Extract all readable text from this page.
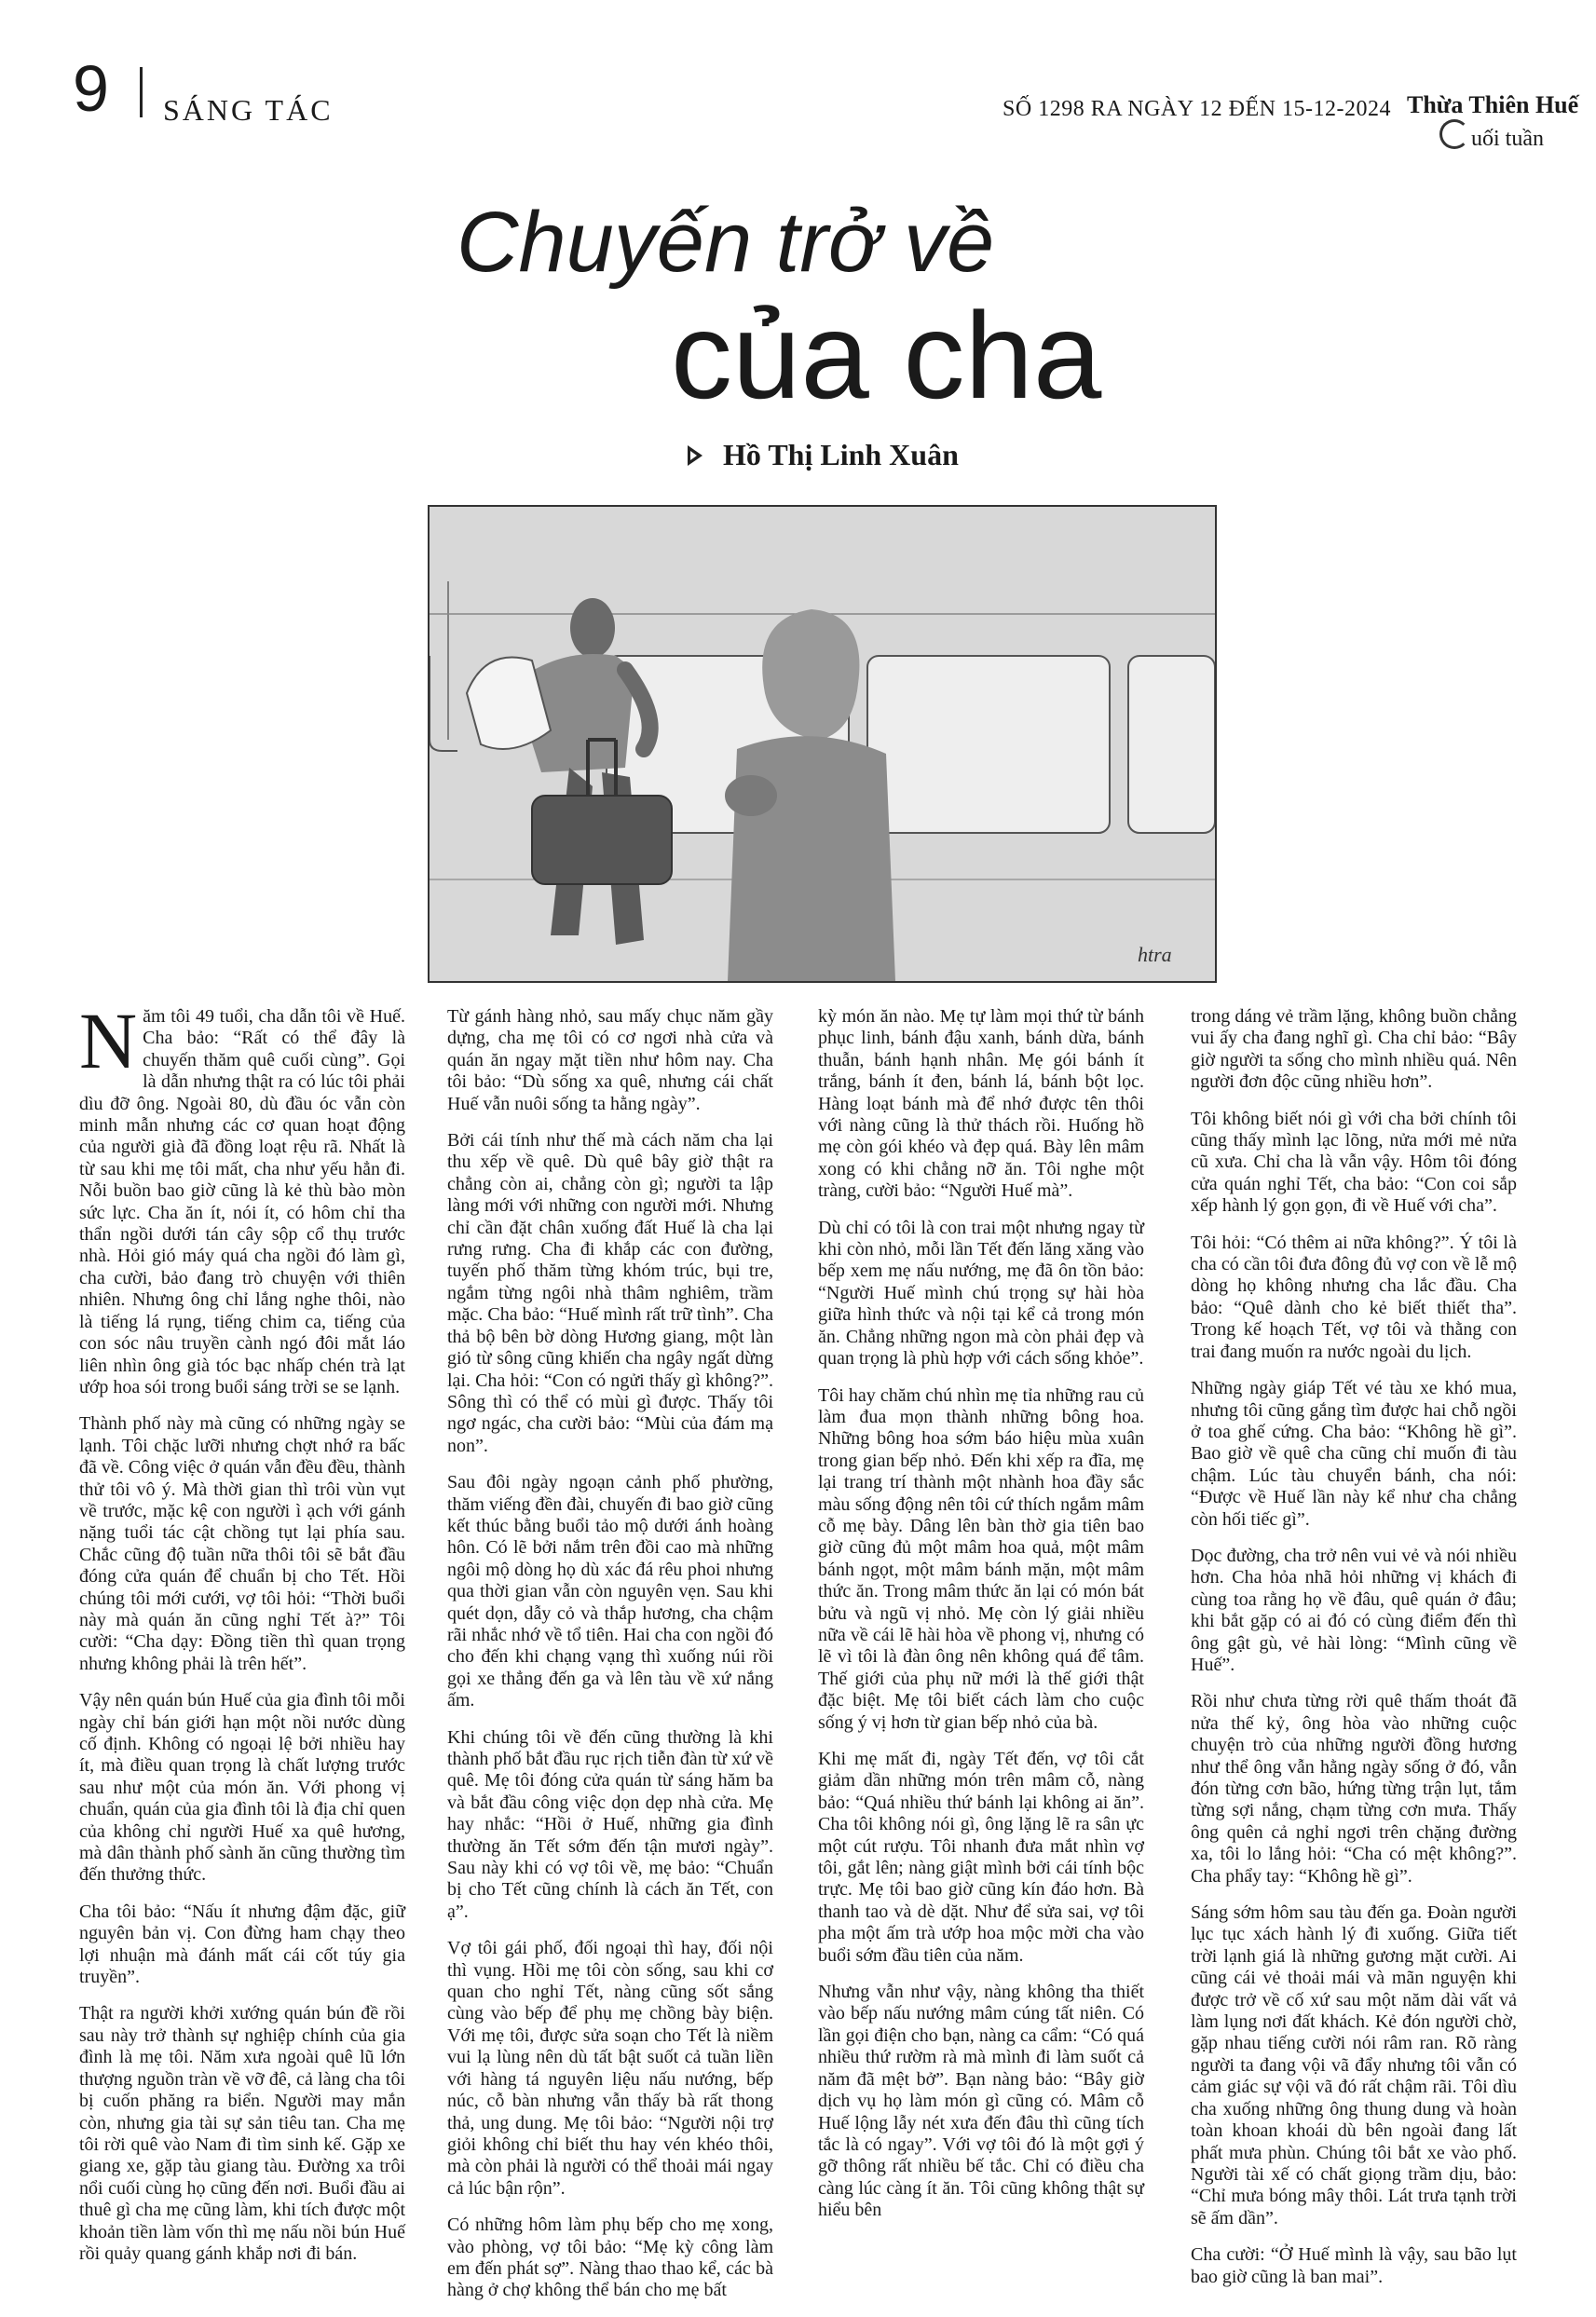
9 SÁNG TÁC	SỐ 1298 RA NGÀY 12 ĐẾN 15-12-2024 Thừa Thiên Huế
uối tuần
Chuyến trở về
của cha
Hồ Thị Linh Xuân
htra

Năm tôi 49 tuổi, cha dẫn tôi về Huế. Cha bảo: “Rất có thể đây là chuyến thăm quê cuối cùng”. Gọi là dẫn nhưng thật ra có lúc tôi phải dìu đỡ ông. Ngoài 80, dù đầu óc vẫn còn minh mẫn nhưng các cơ quan hoạt động của người già đã đồng loạt rệu rã. Nhất là từ sau khi mẹ tôi mất, cha như yếu hẳn đi. Nỗi buồn bao giờ cũng là kẻ thù bào mòn sức lực. Cha ăn ít, nói ít, có hôm chỉ tha thẩn ngồi dưới tán cây sộp cổ thụ trước nhà. Hỏi gió máy quá cha ngồi đó làm gì, cha cười, bảo đang trò chuyện với thiên nhiên. Nhưng ông chỉ lắng nghe thôi, nào là tiếng lá rụng, tiếng chim ca, tiếng của con sóc nâu truyền cành ngó đôi mắt láo liên nhìn ông già tóc bạc nhấp chén trà lạt ướp hoa sói trong buổi sáng trời se se lạnh.

Thành phố này mà cũng có những ngày se lạnh. Tôi chặc lưỡi nhưng chợt nhớ ra bấc đã về. Công việc ở quán vẫn đều đều, thành thử tôi vô ý. Mà thời gian thì trôi vùn vụt về trước, mặc kệ con người ì ạch với gánh nặng tuổi tác cật chồng tụt lại phía sau. Chắc cũng độ tuần nữa thôi tôi sẽ bắt đầu đóng cửa quán để chuẩn bị cho Tết. Hồi chúng tôi mới cưới, vợ tôi hỏi: “Thời buổi này mà quán ăn cũng nghỉ Tết à?” Tôi cười: “Cha dạy: Đồng tiền thì quan trọng nhưng không phải là trên hết”.

Vậy nên quán bún Huế của gia đình tôi mỗi ngày chỉ bán giới hạn một nồi nước dùng cố định. Không có ngoại lệ bởi nhiều hay ít, mà điều quan trọng là chất lượng trước sau như một của món ăn. Với phong vị chuẩn, quán của gia đình tôi là địa chỉ quen của không chỉ người Huế xa quê hương, mà dân thành phố sành ăn cũng thường tìm đến thưởng thức.

Cha tôi bảo: “Nấu ít nhưng đậm đặc, giữ nguyên bản vị. Con đừng ham chạy theo lợi nhuận mà đánh mất cái cốt túy gia truyền”.

Thật ra người khởi xướng quán bún đề rồi sau này trở thành sự nghiệp chính của gia đình là mẹ tôi. Năm xưa ngoài quê lũ lớn thượng nguồn tràn về vỡ đê, cả làng cha tôi bị cuốn phăng ra biển. Người may mắn còn, nhưng gia tài sự sản tiêu tan. Cha mẹ tôi rời quê vào Nam đi tìm sinh kế. Gặp xe giang xe, gặp tàu giang tàu. Đường xa trôi nổi cuối cùng họ cũng đến nơi. Buổi đầu ai thuê gì cha mẹ cũng làm, khi tích được một khoản tiền làm vốn thì mẹ nấu nồi bún Huế rồi quảy quang gánh khắp nơi đi bán.

Từ gánh hàng nhỏ, sau mấy chục năm gầy dựng, cha mẹ tôi có cơ ngơi nhà cửa và quán ăn ngay mặt tiền như hôm nay. Cha tôi bảo: “Dù sống xa quê, nhưng cái chất Huế vẫn nuôi sống ta hằng ngày”.

Bởi cái tính như thế mà cách năm cha lại thu xếp về quê. Dù quê bây giờ thật ra chẳng còn ai, chẳng còn gì; người ta lập làng mới với những con người mới. Nhưng chỉ cần đặt chân xuống đất Huế là cha lại rưng rưng. Cha đi khắp các con đường, tuyến phố thăm từng khóm trúc, bụi tre, ngắm từng ngôi nhà thâm nghiêm, trầm mặc. Cha bảo: “Huế mình rất trữ tình”. Cha thả bộ bên bờ dòng Hương giang, một làn gió từ sông cũng khiến cha ngây ngất dừng lại. Cha hỏi: “Con có ngửi thấy gì không?”. Sông thì có thể có mùi gì được. Thấy tôi ngơ ngác, cha cười bảo: “Mùi của đám mạ non”.

Sau đôi ngày ngoạn cảnh phố phường, thăm viếng đền đài, chuyến đi bao giờ cũng kết thúc bằng buổi tảo mộ dưới ánh hoàng hôn. Có lẽ bởi nắm trên đồi cao mà những ngôi mộ dòng họ dù xác đá rêu phoi nhưng qua thời gian vẫn còn nguyên vẹn. Sau khi quét dọn, dẫy cỏ và thắp hương, cha chậm rãi nhắc nhớ về tổ tiên. Hai cha con ngồi đó cho đến khi chạng vạng thì xuống núi rồi gọi xe thẳng đến ga và lên tàu về xứ nắng ấm.

Khi chúng tôi về đến cũng thường là khi thành phố bắt đầu rục rịch tiễn đàn từ xứ về quê. Mẹ tôi đóng cửa quán từ sáng hăm ba và bắt đầu công việc dọn dẹp nhà cửa. Mẹ hay nhắc: “Hồi ở Huế, những gia đình thường ăn Tết sớm đến tận mươi ngày”. Sau này khi có vợ tôi về, mẹ bảo: “Chuẩn bị cho Tết cũng chính là cách ăn Tết, con ạ”.

Vợ tôi gái phố, đối ngoại thì hay, đối nội thì vụng. Hồi mẹ tôi còn sống, sau khi cơ quan cho nghỉ Tết, nàng cũng sốt sắng cùng vào bếp để phụ mẹ chồng bày biện. Với mẹ tôi, được sửa soạn cho Tết là niềm vui lạ lùng nên dù tất bật suốt cả tuần liền với hàng tá nguyên liệu nấu nướng, bếp núc, cỗ bàn nhưng vẫn thấy bà rất thong thả, ung dung. Mẹ tôi bảo: “Người nội trợ giỏi không chỉ biết thu hay vén khéo thôi, mà còn phải là người có thể thoải mái ngay cả lúc bận rộn”.

Có những hôm làm phụ bếp cho mẹ xong, vào phòng, vợ tôi bảo: “Mẹ kỳ công làm em đến phát sợ”. Nàng thao thao kể, các bà hàng ở chợ không thể bán cho mẹ bất

kỳ món ăn nào. Mẹ tự làm mọi thứ từ bánh phục linh, bánh đậu xanh, bánh dừa, bánh thuẫn, bánh hạnh nhân. Mẹ gói bánh ít trắng, bánh ít đen, bánh lá, bánh bột lọc. Hàng loạt bánh mà để nhớ được tên thôi với nàng cũng là thử thách rồi. Huống hồ mẹ còn gói khéo và đẹp quá. Bày lên mâm xong có khi chẳng nỡ ăn. Tôi nghe một tràng, cười bảo: “Người Huế mà”.

Dù chỉ có tôi là con trai một nhưng ngay từ khi còn nhỏ, mỗi lần Tết đến lăng xăng vào bếp xem mẹ nấu nướng, mẹ đã ôn tồn bảo: “Người Huế mình chú trọng sự hài hòa giữa hình thức và nội tại kể cả trong món ăn. Chẳng những ngon mà còn phải đẹp và quan trọng là phù hợp với cách sống khỏe”.

Tôi hay chăm chú nhìn mẹ tỉa những rau củ làm đua mọn thành những bông hoa. Những bông hoa sớm báo hiệu mùa xuân trong gian bếp nhỏ. Đến khi xếp ra đĩa, mẹ lại trang trí thành một nhành hoa đầy sắc màu sống động nên tôi cứ thích ngắm mâm cỗ mẹ bày. Dâng lên bàn thờ gia tiên bao giờ cũng đủ một mâm hoa quả, một mâm bánh ngọt, một mâm bánh mặn, một mâm thức ăn. Trong mâm thức ăn lại có món bát bửu và ngũ vị nhỏ. Mẹ còn lý giải nhiều nữa về cái lẽ hài hòa về phong vị, nhưng có lẽ vì tôi là đàn ông nên không quá để tâm. Thế giới của phụ nữ mới là thế giới thật đặc biệt. Mẹ tôi biết cách làm cho cuộc sống ý vị hơn từ gian bếp nhỏ của bà.

Khi mẹ mất đi, ngày Tết đến, vợ tôi cắt giảm dần những món trên mâm cỗ, nàng bảo: “Quá nhiều thứ bánh lại không ai ăn”. Cha tôi không nói gì, ông lặng lẽ ra sân ực một cút rượu. Tôi nhanh đưa mắt nhìn vợ tôi, gắt lên; nàng giật mình bởi cái tính bộc trực. Mẹ tôi bao giờ cũng kín đáo hơn. Bà thanh tao và dè dặt. Như để sửa sai, vợ tôi pha một ấm trà ướp hoa mộc mời cha vào buổi sớm đầu tiên của năm.

Nhưng vẫn như vậy, nàng không tha thiết vào bếp nấu nướng mâm cúng tất niên. Có lần gọi điện cho bạn, nàng ca cẩm: “Có quá nhiều thứ rườm rà mà mình đi làm suốt cả năm đã mệt bở”. Bạn nàng bảo: “Bây giờ dịch vụ họ làm món gì cũng có. Mâm cỗ Huế lộng lẫy nét xưa đến đâu thì cũng tích tắc là có ngay”. Với vợ tôi đó là một gợi ý gỡ thông rất nhiều bế tắc. Chỉ có điều cha càng lúc càng ít ăn. Tôi cũng không thật sự hiểu bên

trong dáng vẻ trầm lặng, không buồn chẳng vui ấy cha đang nghĩ gì. Cha chỉ bảo: “Bây giờ người ta sống cho mình nhiều quá. Nên người đơn độc cũng nhiều hơn”.

Tôi không biết nói gì với cha bởi chính tôi cũng thấy mình lạc lõng, nửa mới mẻ nửa cũ xưa. Chỉ cha là vẫn vậy. Hôm tôi đóng cửa quán nghỉ Tết, cha bảo: “Con coi sắp xếp hành lý gọn gọn, đi về Huế với cha”.

Tôi hỏi: “Có thêm ai nữa không?”. Ý tôi là cha có cần tôi đưa đông đủ vợ con về lễ mộ dòng họ không nhưng cha lắc đầu. Cha bảo: “Quê dành cho kẻ biết thiết tha”. Trong kế hoạch Tết, vợ tôi và thằng con trai đang muốn ra nước ngoài du lịch.

Những ngày giáp Tết vé tàu xe khó mua, nhưng tôi cũng gắng tìm được hai chỗ ngồi ở toa ghế cứng. Cha bảo: “Không hề gì”. Bao giờ về quê cha cũng chỉ muốn đi tàu chậm. Lúc tàu chuyển bánh, cha nói: “Được về Huế lần này kể như cha chẳng còn hối tiếc gì”.

Dọc đường, cha trở nên vui vẻ và nói nhiều hơn. Cha hỏa nhã hỏi những vị khách đi cùng toa rằng họ về đâu, quê quán ở đâu; khi bắt gặp có ai đó có cùng điểm đến thì ông gật gù, vẻ hài lòng: “Mình cũng về Huế”.

Rồi như chưa từng rời quê thấm thoát đã nửa thế kỷ, ông hòa vào những cuộc chuyện trò của những người đồng hương như thể ông vẫn hằng ngày sống ở đó, vẫn đón từng cơn bão, hứng từng trận lụt, tắm từng sợi nắng, chạm từng cơn mưa. Thấy ông quên cả nghỉ ngơi trên chặng đường xa, tôi lo lắng hỏi: “Cha có mệt không?”. Cha phẩy tay: “Không hề gì”.

Sáng sớm hôm sau tàu đến ga. Đoàn người lục tục xách hành lý đi xuống. Giữa tiết trời lạnh giá là những gương mặt cười. Ai cũng cái vẻ thoải mái và mãn nguyện khi được trở về cố xứ sau một năm dài vất vả làm lụng nơi đất khách. Kẻ đón người chờ, gặp nhau tiếng cười nói râm ran. Rõ ràng người ta đang vội vã đẩy nhưng tôi vẫn có cảm giác sự vội vã đó rất chậm rãi. Tôi dìu cha xuống những ông thung dung và hoàn toàn khoan khoái dù bên ngoài đang lất phất mưa phùn. Chúng tôi bắt xe vào phố. Người tài xế có chất giọng trầm dịu, bảo: “Chỉ mưa bóng mây thôi. Lát trưa tạnh trời sẽ ấm dần”.

Cha cười: “Ở Huế mình là vậy, sau bão lụt bao giờ cũng là ban mai”.
